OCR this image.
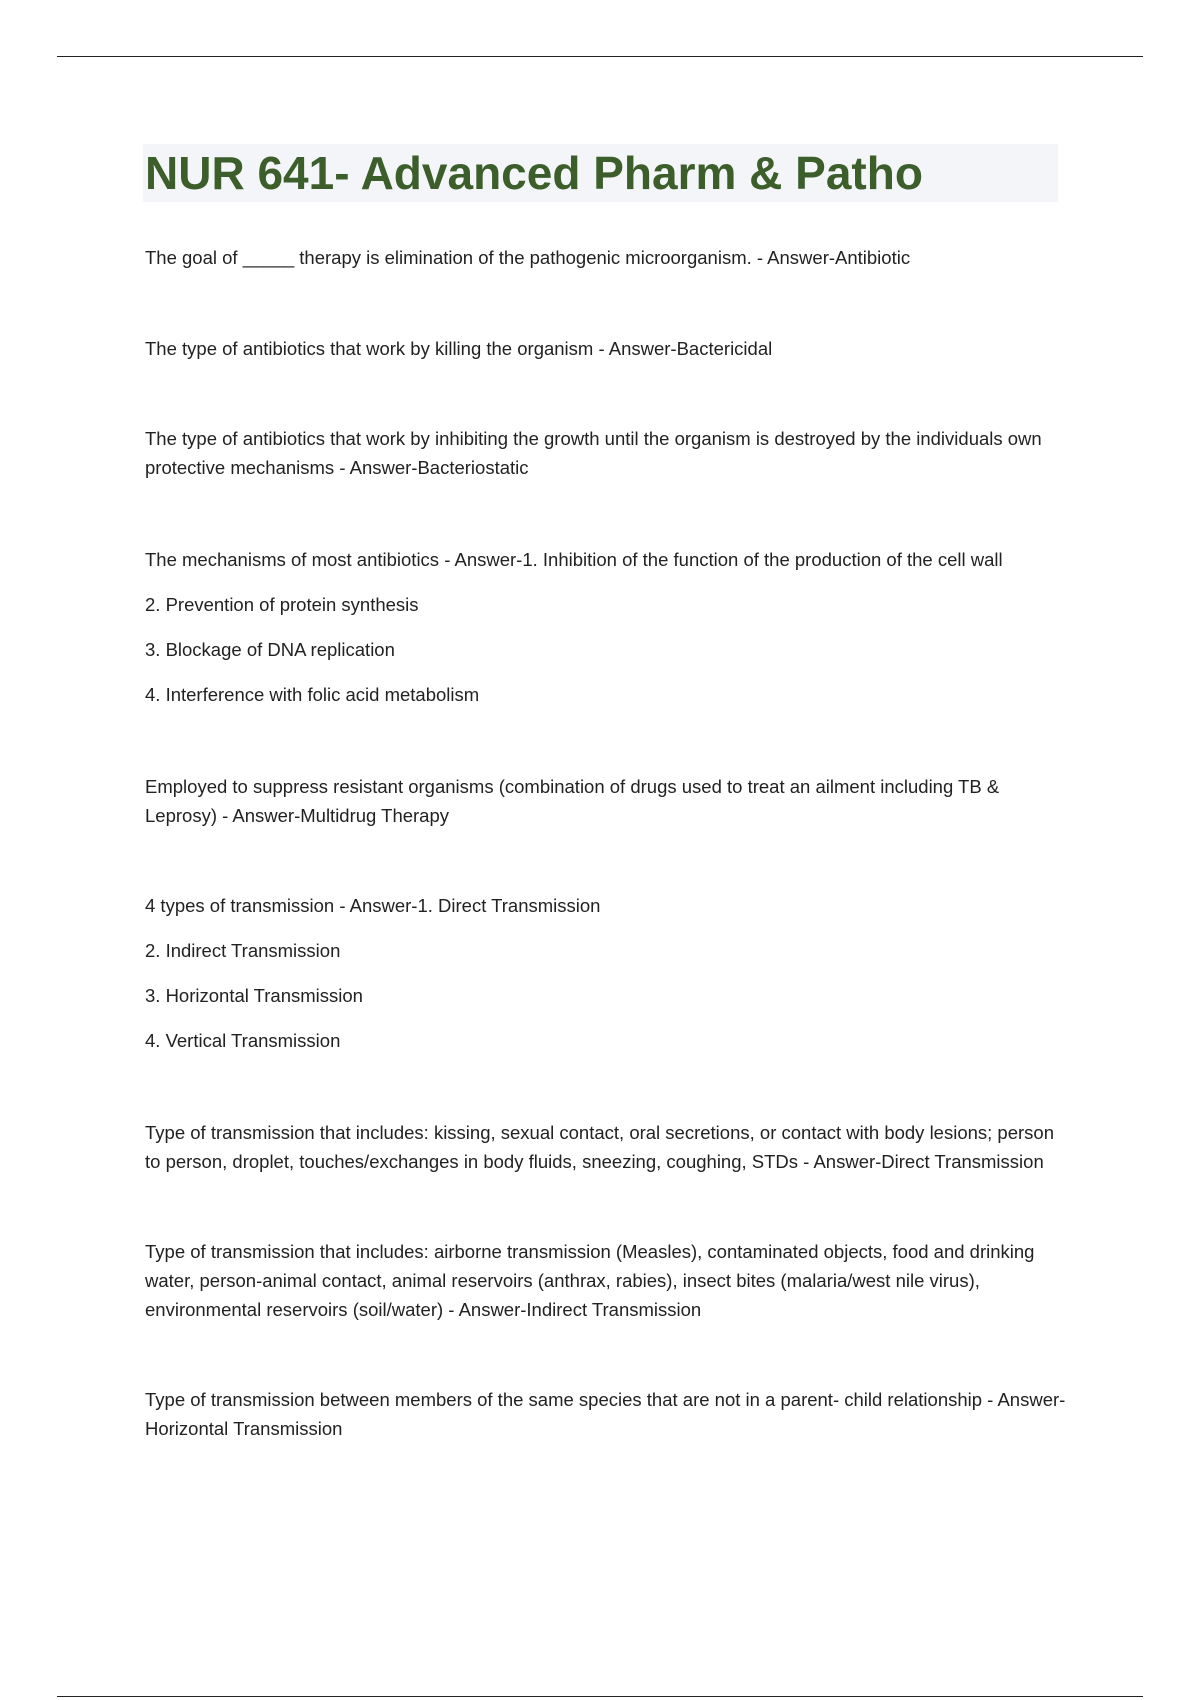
NUR 641- Advanced Pharm & Patho

The goal of _____ therapy is elimination of the pathogenic microorganism. - Answer-Antibiotic

The type of antibiotics that work by killing the organism - Answer-Bactericidal

The type of antibiotics that work by inhibiting the growth until the organism is destroyed by the individuals own protective mechanisms - Answer-Bacteriostatic

The mechanisms of most antibiotics - Answer-1. Inhibition of the function of the production of the cell wall

2. Prevention of protein synthesis

3. Blockage of DNA replication

4. Interference with folic acid metabolism

Employed to suppress resistant organisms (combination of drugs used to treat an ailment including TB & Leprosy) - Answer-Multidrug Therapy

4 types of transmission - Answer-1. Direct Transmission

2. Indirect Transmission

3. Horizontal Transmission

4. Vertical Transmission

Type of transmission that includes: kissing, sexual contact, oral secretions, or contact with body lesions; person to person, droplet, touches/exchanges in body fluids, sneezing, coughing, STDs - Answer-Direct Transmission

Type of transmission that includes: airborne transmission (Measles), contaminated objects, food and drinking water, person-animal contact, animal reservoirs (anthrax, rabies), insect bites (malaria/west nile virus), environmental reservoirs (soil/water) - Answer-Indirect Transmission

Type of transmission between members of the same species that are not in a parent- child relationship - Answer-Horizontal Transmission
